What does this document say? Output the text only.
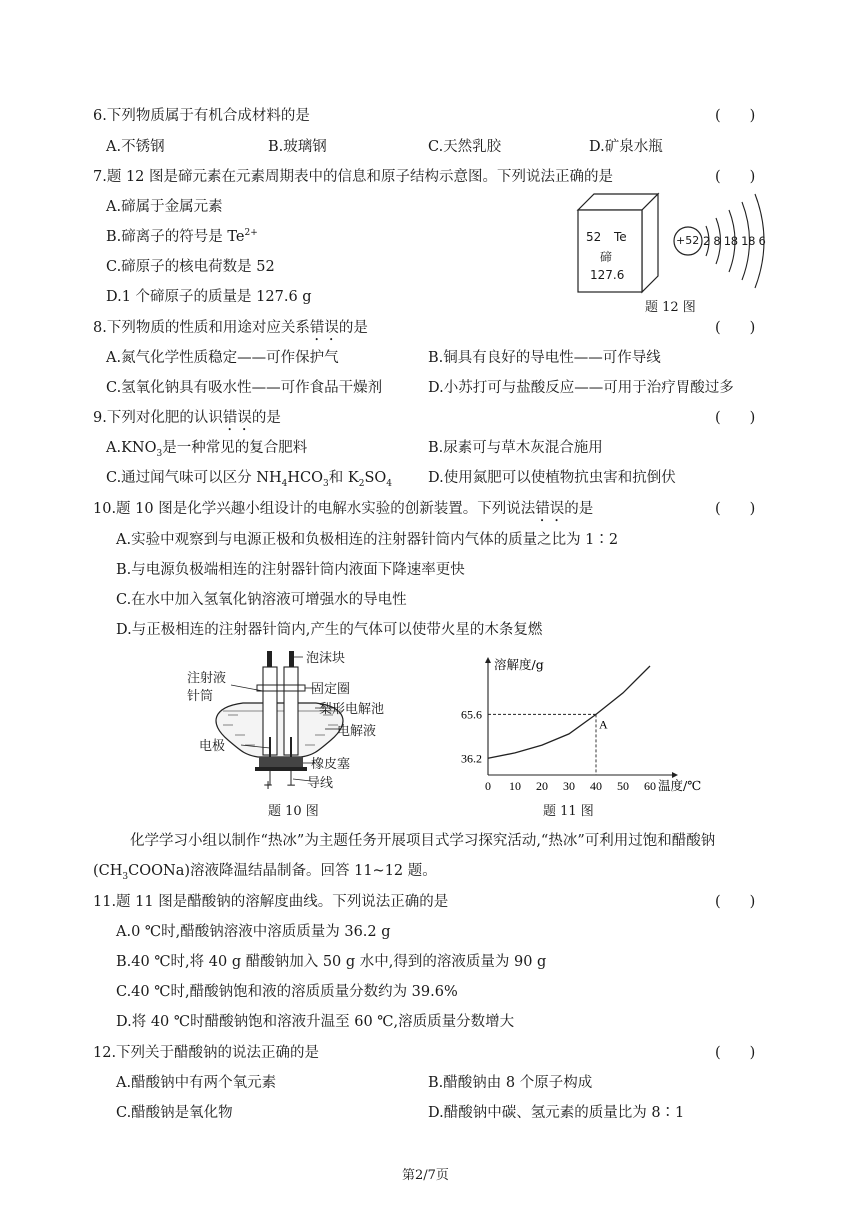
6.下列物质属于有机合成材料的是	(　　)
A.不锈钢	B.玻璃钢	C.天然乳胶	D.矿泉水瓶
7.题 12 图是碲元素在元素周期表中的信息和原子结构示意图。下列说法正确的是	(　　)
A.碲属于金属元素
B.碲离子的符号是 $Te^{2+}$
C.碲原子的核电荷数是 52
D.1 个碲原子的质量是 127.6 g
52 Te
碲
127.6
+52 2 8 18 18 6
题 12 图
8.下列物质的性质和用途对应关系错误的是	(　　)
A.氮气化学性质稳定——可作保护气	B.铜具有良好的导电性——可作导线
C.氢氧化钠具有吸水性——可作食品干燥剂	D.小苏打可与盐酸反应——可用于治疗胃酸过多
9.下列对化肥的认识错误的是	(　　)
$A.KNO_3$是一种常见的复合肥料	B.尿素可与草木灰混合施用
C.通过闻气味可以区分 $NH_4HCO_3$和 $K_2SO_4$ D.使用氮肥可以使植物抗虫害和抗倒伏
10.题 10 图是化学兴趣小组设计的电解水实验的创新装置。下列说法错误的是	(　　)
A.实验中观察到与电源正极和负极相连的注射器针筒内气体的质量之比为 1∶2
B.与电源负极端相连的注射器针筒内液面下降速率更快
C.在水中加入氢氧化钠溶液可增强水的导电性
D.与正极相连的注射器针筒内,产生的气体可以使带火星的木条复燃
泡沫块
注射液
针筒	固定圈
梨形电解池
电解液
电极
橡皮塞
导线
+ −
题 10 图
A
36.2
65.6
0 10 20 30 40 50 60
溶解度/g
温度/℃
题 11 图
化学学习小组以制作“热冰”为主题任务开展项目式学习探究活动,“热冰”可利用过饱和醋酸钠
$(CH_3COONa)$溶液降温结晶制备。回答 11~12 题。
11.题 11 图是醋酸钠的溶解度曲线。下列说法正确的是	(　　)
A.0 ℃时,醋酸钠溶液中溶质质量为 36.2 g
B.40 ℃时,将 40 g 醋酸钠加入 50 g 水中,得到的溶液质量为 90 g
C.40 ℃时,醋酸钠饱和液的溶质质量分数约为 39.6%
D.将 40 ℃时醋酸钠饱和溶液升温至 60 ℃,溶质质量分数增大
12.下列关于醋酸钠的说法正确的是	(　　)
A.醋酸钠中有两个氧元素	B.醋酸钠由 8 个原子构成
C.醋酸钠是氧化物	D.醋酸钠中碳、氢元素的质量比为 8∶1
第2/7页
